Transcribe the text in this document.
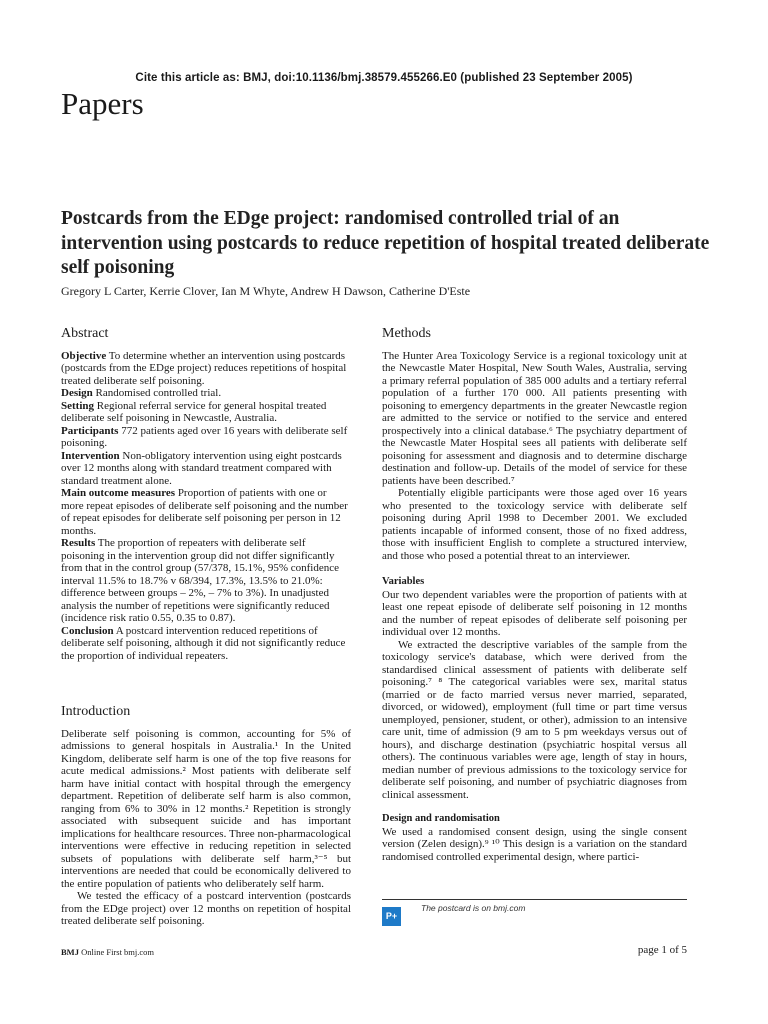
Cite this article as: BMJ, doi:10.1136/bmj.38579.455266.E0 (published 23 September 2005)
Papers
Postcards from the EDge project: randomised controlled trial of an intervention using postcards to reduce repetition of hospital treated deliberate self poisoning
Gregory L Carter, Kerrie Clover, Ian M Whyte, Andrew H Dawson, Catherine D'Este
Abstract

Objective To determine whether an intervention using postcards (postcards from the EDge project) reduces repetitions of hospital treated deliberate self poisoning.

Design Randomised controlled trial.

Setting Regional referral service for general hospital treated deliberate self poisoning in Newcastle, Australia.

Participants 772 patients aged over 16 years with deliberate self poisoning.

Intervention Non-obligatory intervention using eight postcards over 12 months along with standard treatment compared with standard treatment alone.

Main outcome measures Proportion of patients with one or more repeat episodes of deliberate self poisoning and the number of repeat episodes for deliberate self poisoning per person in 12 months.

Results The proportion of repeaters with deliberate self poisoning in the intervention group did not differ significantly from that in the control group (57/378, 15.1%, 95% confidence interval 11.5% to 18.7% v 68/394, 17.3%, 13.5% to 21.0%: difference between groups – 2%, – 7% to 3%). In unadjusted analysis the number of repetitions were significantly reduced (incidence risk ratio 0.55, 0.35 to 0.87).

Conclusion A postcard intervention reduced repetitions of deliberate self poisoning, although it did not significantly reduce the proportion of individual repeaters.

Introduction

Deliberate self poisoning is common, accounting for 5% of admissions to general hospitals in Australia.¹ In the United Kingdom, deliberate self harm is one of the top five reasons for acute medical admissions.² Most patients with deliberate self harm have initial contact with hospital through the emergency department. Repetition of deliberate self harm is also common, ranging from 6% to 30% in 12 months.² Repetition is strongly associated with subsequent suicide and has important implications for healthcare resources. Three non-pharmacological interventions were effective in reducing repetition in selected subsets of populations with deliberate self harm,³⁻⁵ but interventions are needed that could be economically delivered to the entire population of patients who deliberately self harm.

We tested the efficacy of a postcard intervention (postcards from the EDge project) over 12 months on repetition of hospital treated deliberate self poisoning.

Methods

The Hunter Area Toxicology Service is a regional toxicology unit at the Newcastle Mater Hospital, New South Wales, Australia, serving a primary referral population of 385 000 adults and a tertiary referral population of a further 170 000. All patients presenting with poisoning to emergency departments in the greater Newcastle region are admitted to the service or notified to the service and entered prospectively into a clinical database.⁶ The psychiatry department of the Newcastle Mater Hospital sees all patients with deliberate self poisoning for assessment and diagnosis and to determine discharge destination and follow-up. Details of the model of service for these patients have been described.⁷

Potentially eligible participants were those aged over 16 years who presented to the toxicology service with deliberate self poisoning during April 1998 to December 2001. We excluded patients incapable of informed consent, those of no fixed address, those with insufficient English to complete a structured interview, and those who posed a potential threat to an interviewer.

Variables

Our two dependent variables were the proportion of patients with at least one repeat episode of deliberate self poisoning in 12 months and the number of repeat episodes of deliberate self poisoning per individual over 12 months.

We extracted the descriptive variables of the sample from the toxicology service's database, which were derived from the standardised clinical assessment of patients with deliberate self poisoning.⁷ ⁸ The categorical variables were sex, marital status (married or de facto married versus never married, separated, divorced, or widowed), employment (full time or part time versus unemployed, pensioner, student, or other), admission to an intensive care unit, time of admission (9 am to 5 pm weekdays versus out of hours), and discharge destination (psychiatric hospital versus all others). The continuous variables were age, length of stay in hours, median number of previous admissions to the toxicology service for deliberate self poisoning, and number of psychiatric diagnoses from clinical assessment.

Design and randomisation

We used a randomised consent design, using the single consent version (Zelen design).⁹ ¹⁰ This design is a variation on the standard randomised controlled experimental design, where partici-

P+
The postcard is on bmj.com
BMJ Online First bmj.com	page 1 of 5
